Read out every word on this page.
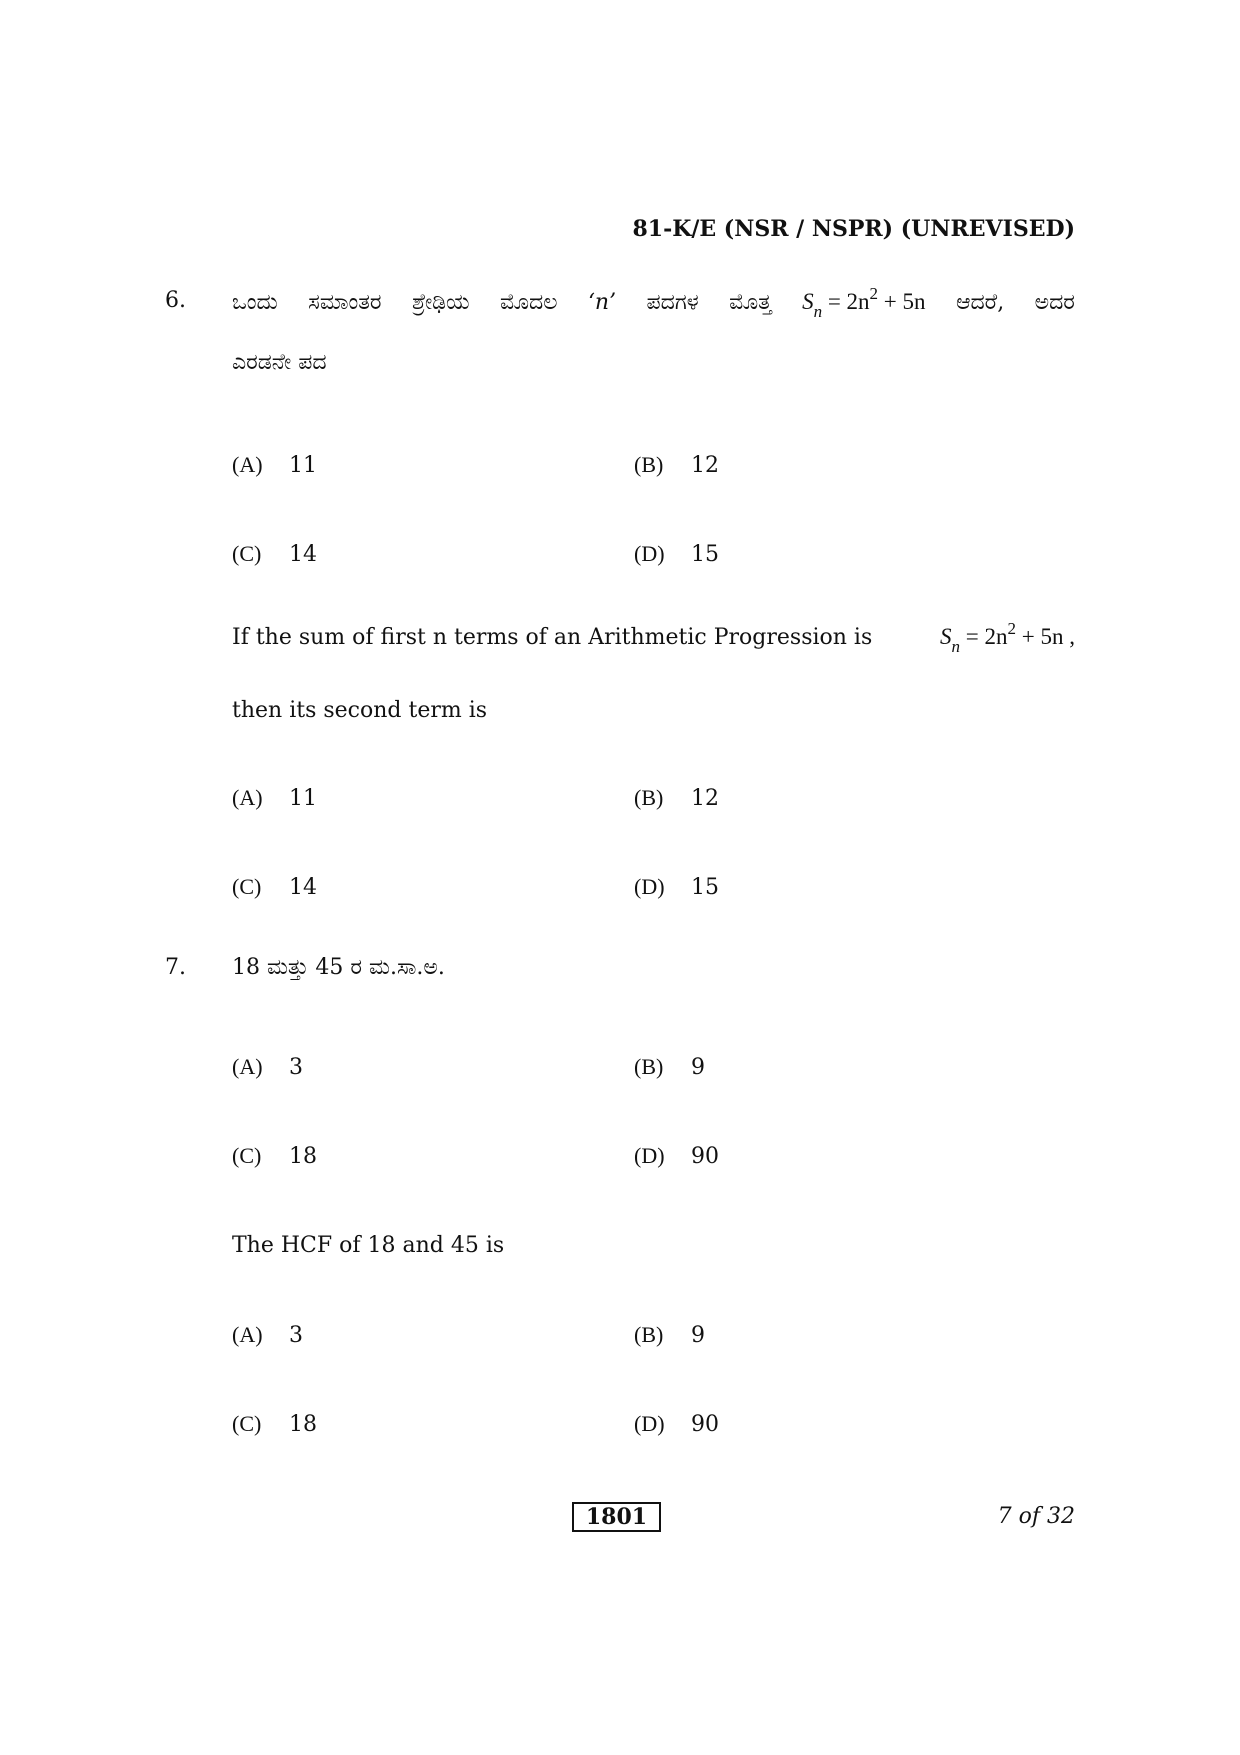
81-K/E (NSR / NSPR) (UNREVISED)
6. ಒಂದು ಸಮಾಂತರ ಶ್ರೇಢಿಯ ಮೊದಲ ‘n’ ಪದಗಳ ಮೊತ್ತ $S_n = 2n^2 + 5n$ ಆದರೆ, ಅದರ
ಎರಡನೇ ಪದ
(A) 11	(B) 12
(C) 14	(D) 15
If the sum of first n terms of an Arithmetic Progression is	$S_n = 2n^2 + 5n$ ,
then its second term is
(A) 11	(B) 12
(C) 14	(D) 15
7. 18 ಮತ್ತು 45 ರ ಮ.ಸಾ.ಅ.
(A) 3	(B) 9
(C) 18	(D) 90
The HCF of 18 and 45 is
(A) 3	(B) 9
(C) 18	(D) 90
1801	7 of 32
